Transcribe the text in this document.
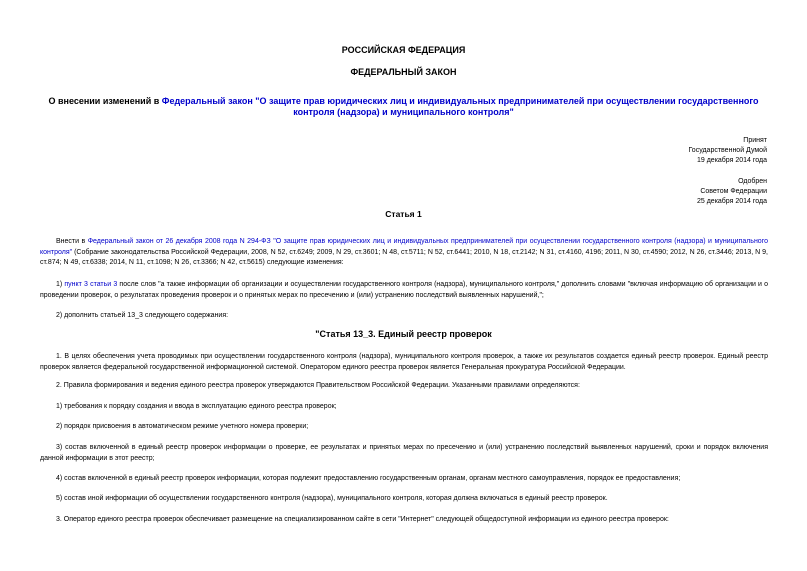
РОССИЙСКАЯ ФЕДЕРАЦИЯ
ФЕДЕРАЛЬНЫЙ ЗАКОН
О внесении изменений в Федеральный закон "О защите прав юридических лиц и индивидуальных предпринимателей при осуществлении государственного контроля (надзора) и муниципального контроля"
Принят
Государственной Думой
19 декабря 2014 года
Одобрен
Советом Федерации
25 декабря 2014 года
Статья 1
Внести в Федеральный закон от 26 декабря 2008 года N 294-ФЗ "О защите прав юридических лиц и индивидуальных предпринимателей при осуществлении государственного контроля (надзора) и муниципального контроля" (Собрание законодательства Российской Федерации, 2008, N 52, ст.6249; 2009, N 29, ст.3601; N 48, ст.5711; N 52, ст.6441; 2010, N 18, ст.2142; N 31, ст.4160, 4196; 2011, N 30, ст.4590; 2012, N 26, ст.3446; 2013, N 9, ст.874; N 49, ст.6338; 2014, N 11, ст.1098; N 26, ст.3366; N 42, ст.5615) следующие изменения:
1) пункт 3 статьи 3 после слов "а также информации об организации и осуществлении государственного контроля (надзора), муниципального контроля," дополнить словами "включая информацию об организации и о проведении проверок, о результатах проведения проверок и о принятых мерах по пресечению и (или) устранению последствий выявленных нарушений,";
2) дополнить статьей 13_3 следующего содержания:
"Статья 13_3. Единый реестр проверок
1. В целях обеспечения учета проводимых при осуществлении государственного контроля (надзора), муниципального контроля проверок, а также их результатов создается единый реестр проверок. Единый реестр проверок является федеральной государственной информационной системой. Оператором единого реестра проверок является Генеральная прокуратура Российской Федерации.
2. Правила формирования и ведения единого реестра проверок утверждаются Правительством Российской Федерации. Указанными правилами определяются:
1) требования к порядку создания и ввода в эксплуатацию единого реестра проверок;
2) порядок присвоения в автоматическом режиме учетного номера проверки;
3) состав включенной в единый реестр проверок информации о проверке, ее результатах и принятых мерах по пресечению и (или) устранению последствий выявленных нарушений, сроки и порядок включения данной информации в этот реестр;
4) состав включенной в единый реестр проверок информации, которая подлежит предоставлению государственным органам, органам местного самоуправления, порядок ее предоставления;
5) состав иной информации об осуществлении государственного контроля (надзора), муниципального контроля, которая должна включаться в единый реестр проверок.
3. Оператор единого реестра проверок обеспечивает размещение на специализированном сайте в сети "Интернет" следующей общедоступной информации из единого реестра проверок:
